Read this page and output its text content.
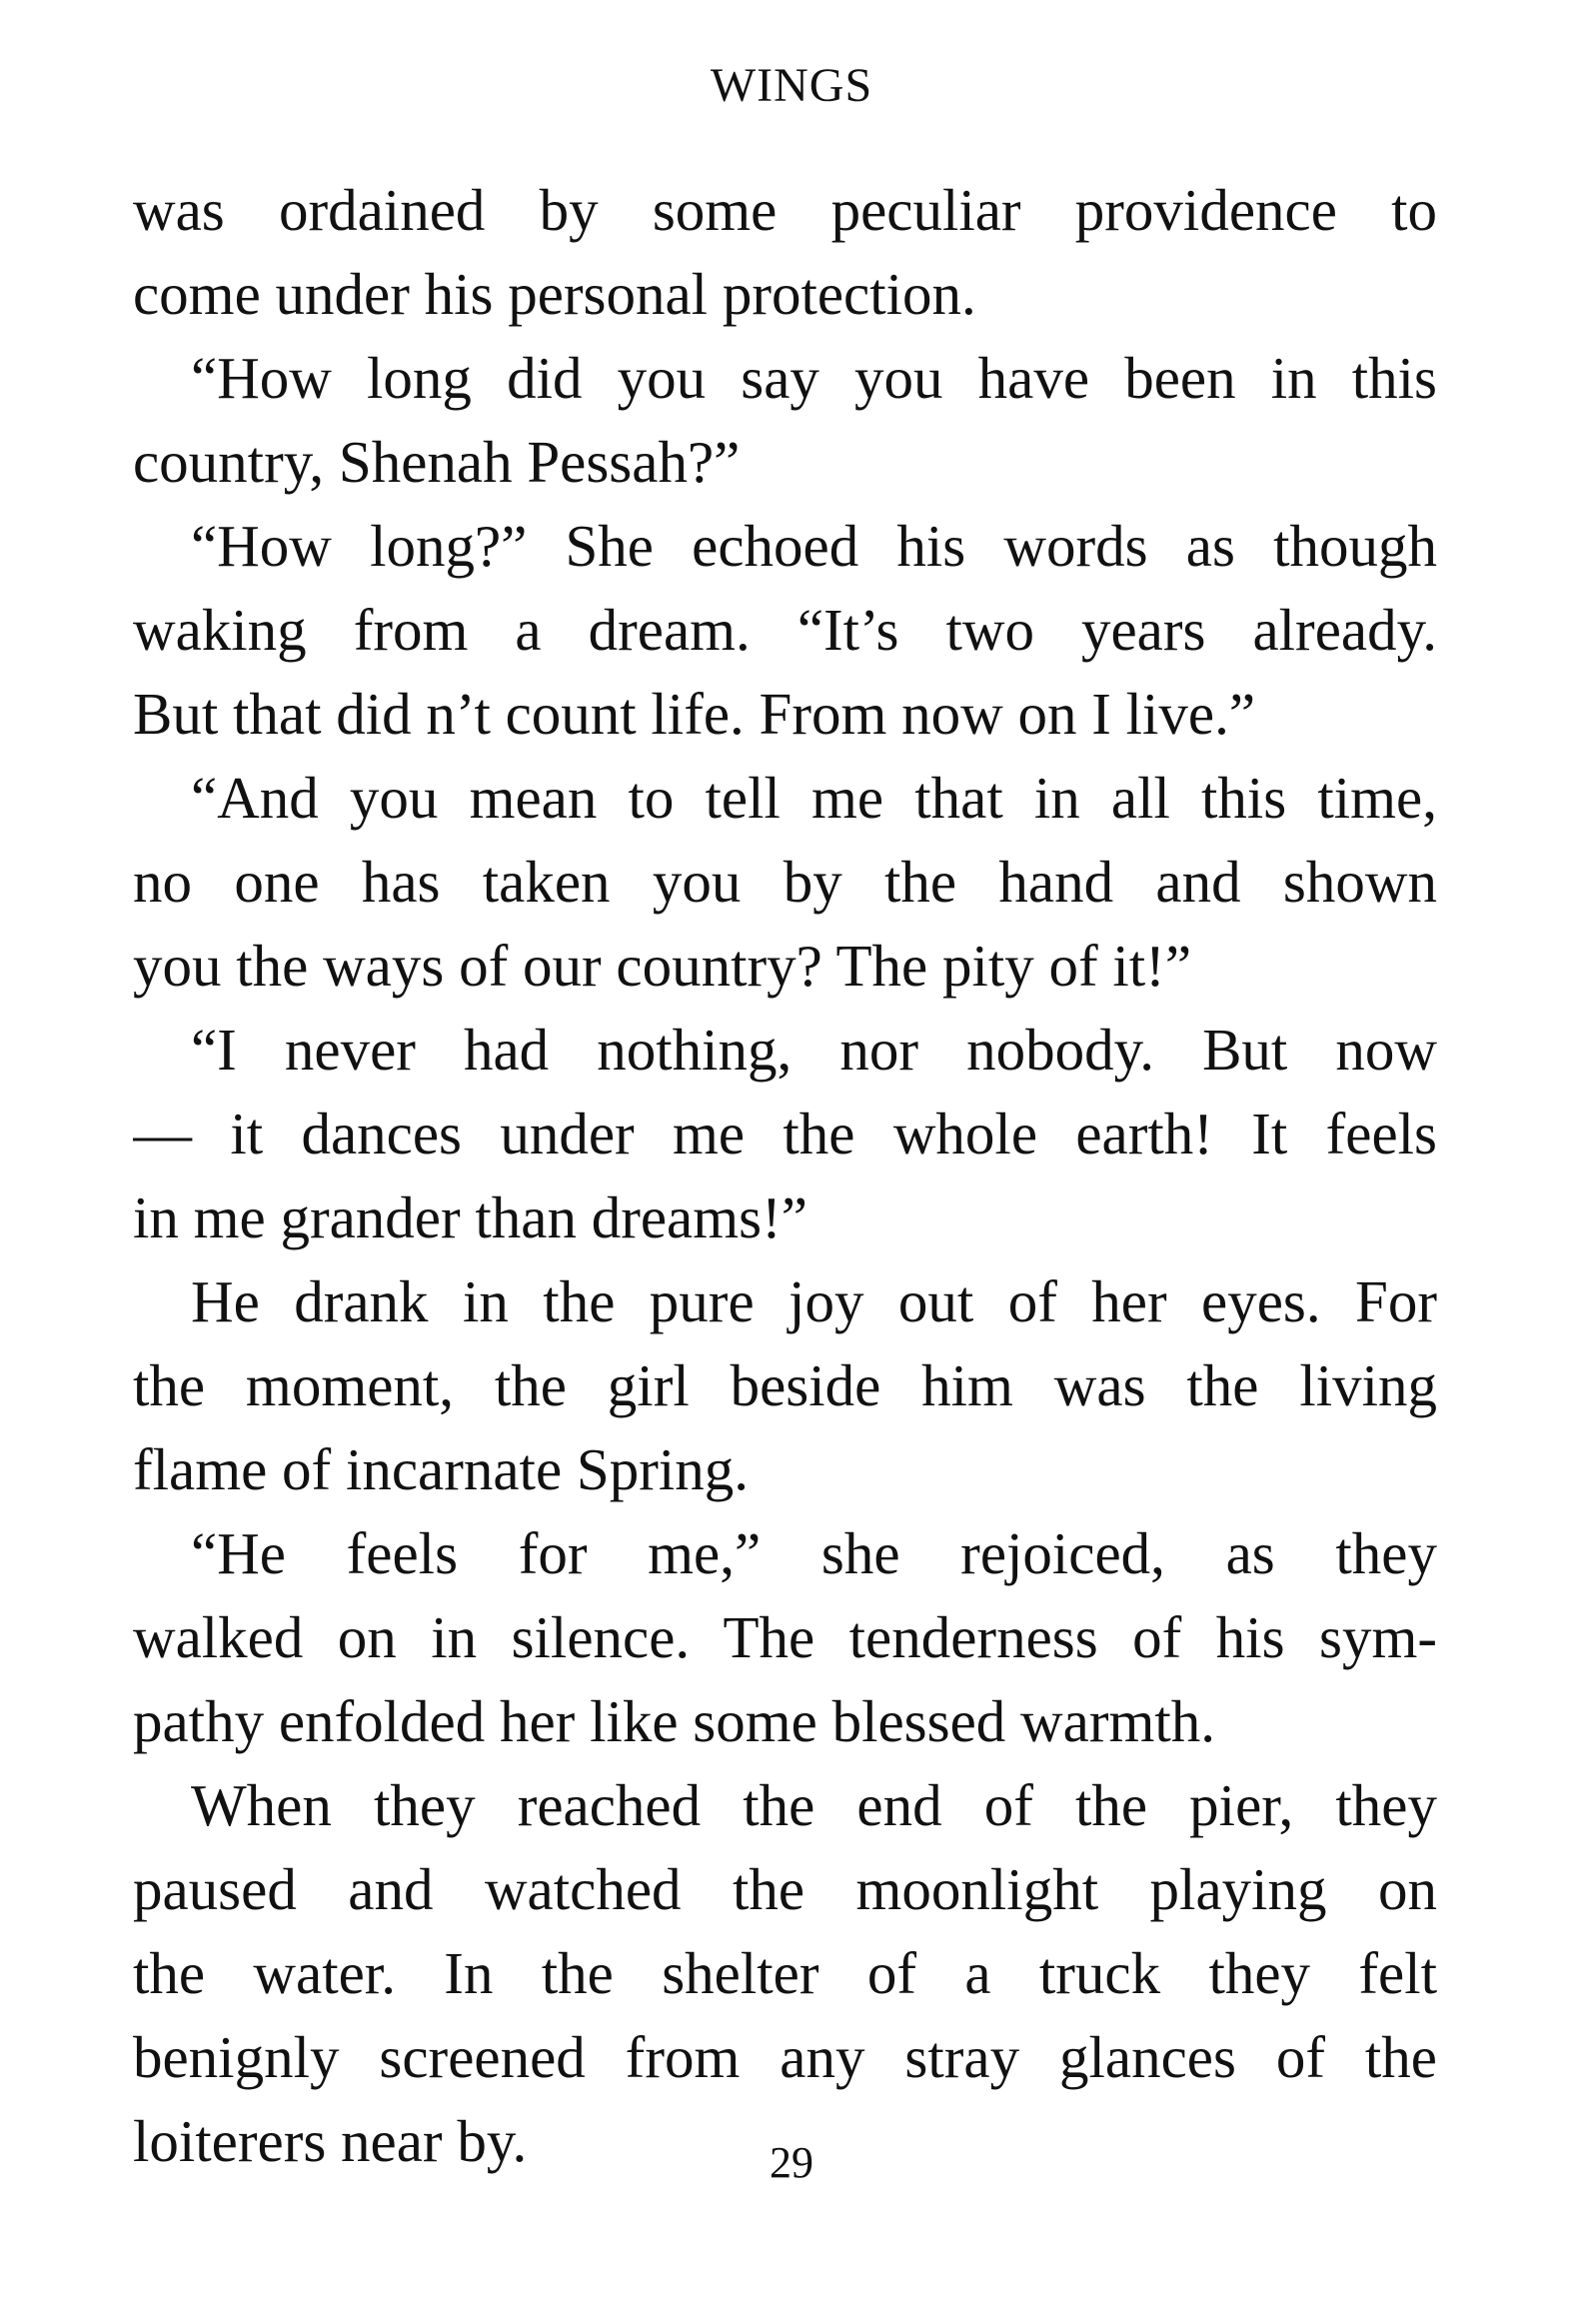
WINGS
was ordained by some peculiar providence to
come under his personal protection.
“How long did you say you have been in this
country, Shenah Pessah?”
“How long?” She echoed his words as though
waking from a dream. “It’s two years already.
But that did n’t count life. From now on I live.”
“And you mean to tell me that in all this time,
no one has taken you by the hand and shown
you the ways of our country? The pity of it!”
“I never had nothing, nor nobody. But now
— it dances under me the whole earth! It feels
in me grander than dreams!”
He drank in the pure joy out of her eyes. For
the moment, the girl beside him was the living
flame of incarnate Spring.
“He feels for me,” she rejoiced, as they
walked on in silence. The tenderness of his sym-
pathy enfolded her like some blessed warmth.
When they reached the end of the pier, they
paused and watched the moonlight playing on
the water. In the shelter of a truck they felt
benignly screened from any stray glances of the
loiterers near by.	29
